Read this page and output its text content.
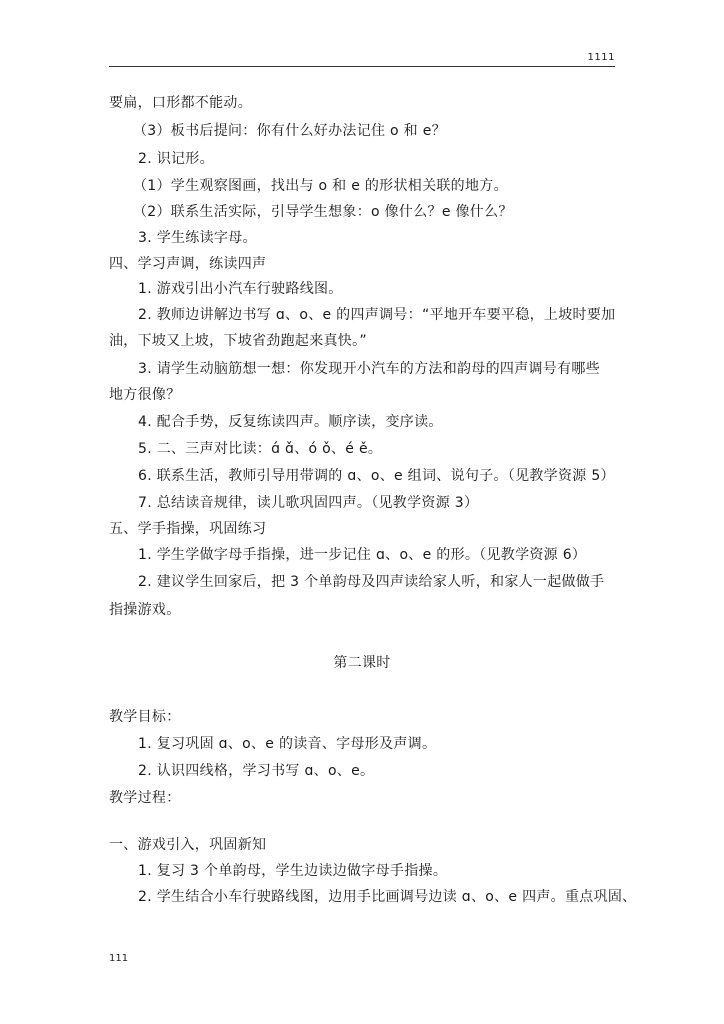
1111
要扁，口形都不能动。
（3）板书后提问：你有什么好办法记住 o 和 e？
2. 识记形。
（1）学生观察图画，找出与 o 和 e 的形状相关联的地方。
（2）联系生活实际，引导学生想象：o 像什么？e 像什么？
3. 学生练读字母。
四、学习声调，练读四声
1. 游戏引出小汽车行驶路线图。
2. 教师边讲解边书写 ɑ、o、e 的四声调号：“平地开车要平稳，上坡时要加
油，下坡又上坡，下坡省劲跑起来真快。”
3. 请学生动脑筋想一想：你发现开小汽车的方法和韵母的四声调号有哪些
地方很像？
4. 配合手势，反复练读四声。顺序读，变序读。
5. 二、三声对比读：ɑ́ ɑ̌、ó ǒ、é ě。
6. 联系生活，教师引导用带调的 ɑ、o、e 组词、说句子。（见教学资源 5）
7. 总结读音规律，读儿歌巩固四声。（见教学资源 3）
五、学手指操，巩固练习
1. 学生学做字母手指操，进一步记住 ɑ、o、e 的形。（见教学资源 6）
2. 建议学生回家后，把 3 个单韵母及四声读给家人听，和家人一起做做手
指操游戏。
第二课时
教学目标：
1. 复习巩固 ɑ、o、e 的读音、字母形及声调。
2. 认识四线格，学习书写 ɑ、o、e。
教学过程：
一、游戏引入，巩固新知
1. 复习 3 个单韵母，学生边读边做字母手指操。
2. 学生结合小车行驶路线图，边用手比画调号边读 ɑ、o、e 四声。重点巩固、
111
